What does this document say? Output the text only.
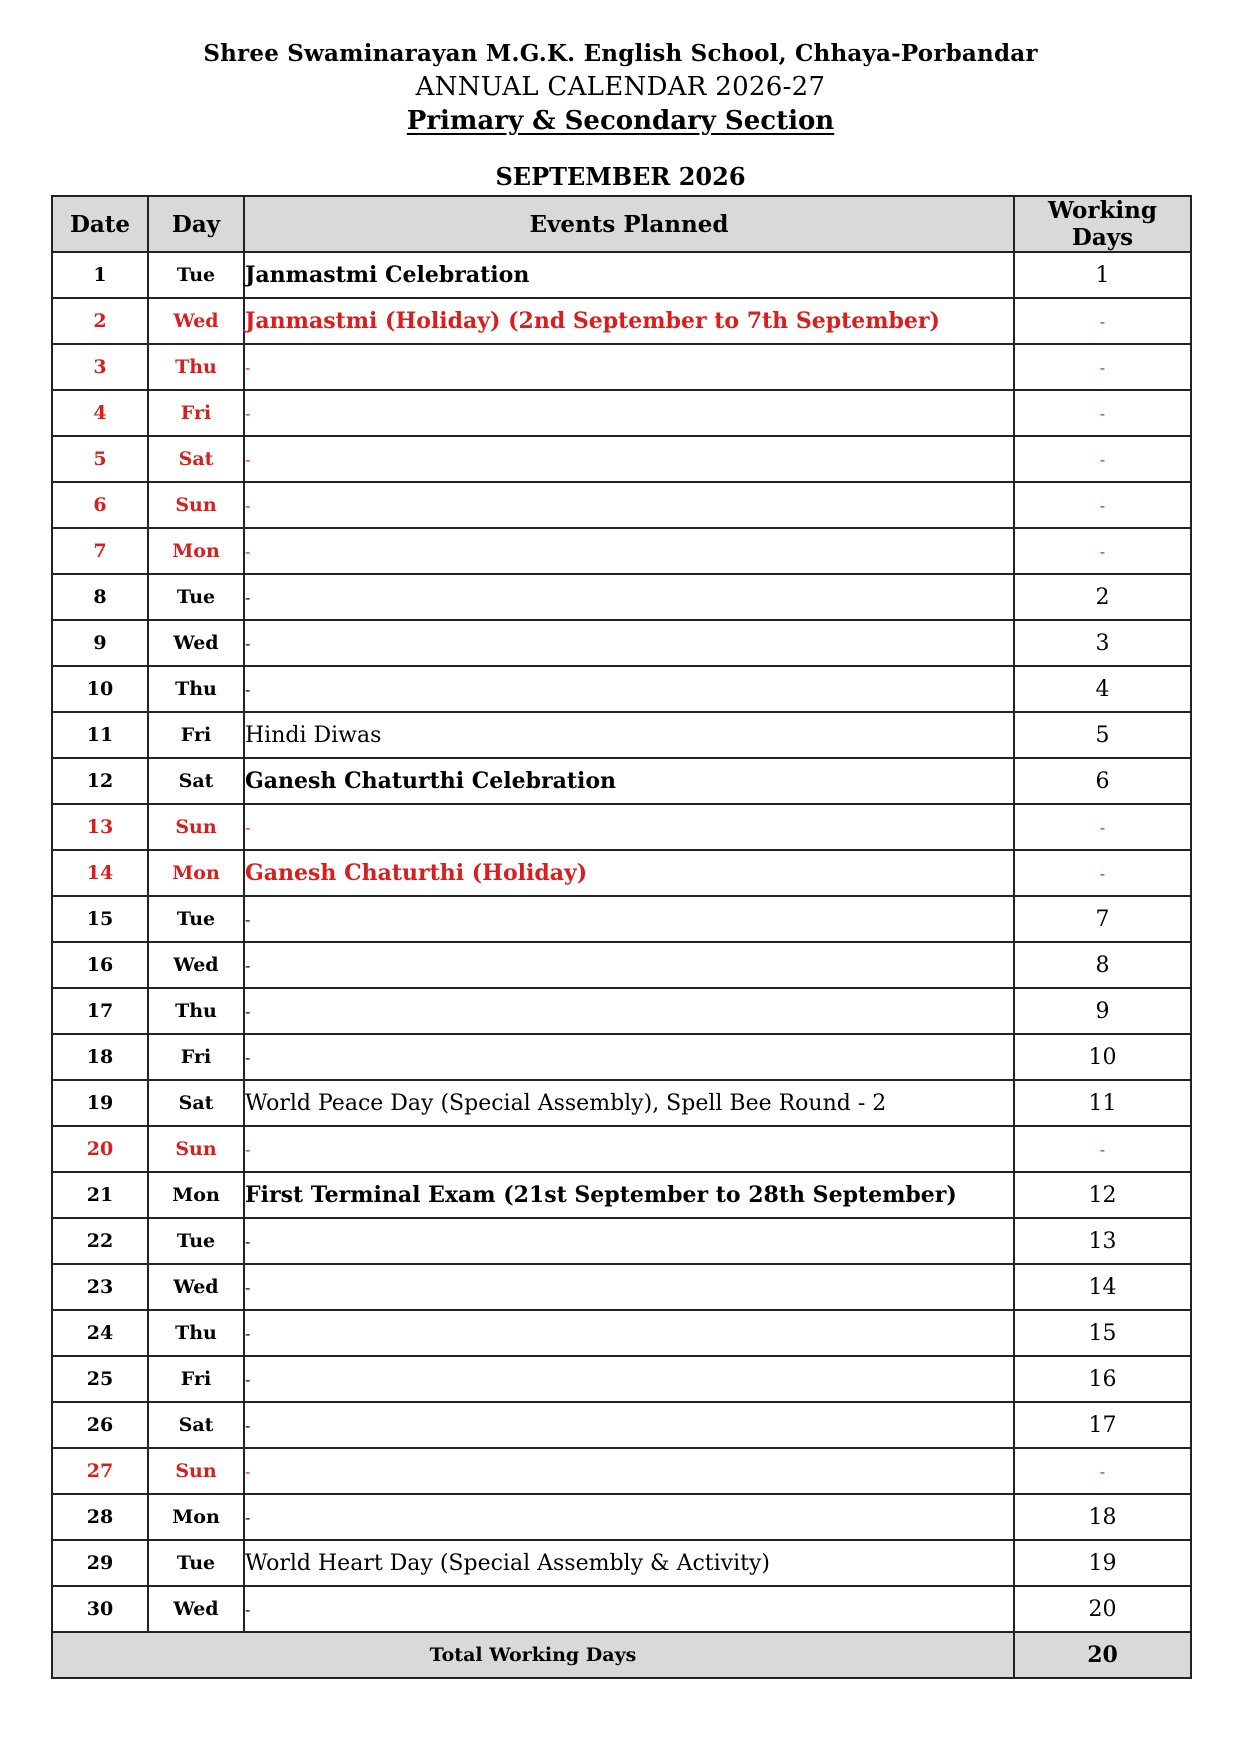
Shree Swaminarayan M.G.K. English School, Chhaya-Porbandar
ANNUAL CALENDAR 2026-27
Primary & Secondary Section
SEPTEMBER 2026
Date	Day	Events Planned	Working Days
1	Tue	Janmastmi Celebration	1
2	Wed	Janmastmi (Holiday) (2nd September to 7th September)	-
3	Thu	-	-
4	Fri	-	-
5	Sat	-	-
6	Sun	-	-
7	Mon	-	-
8	Tue	-	2
9	Wed	-	3
10	Thu	-	4
11	Fri	Hindi Diwas	5
12	Sat	Ganesh Chaturthi Celebration	6
13	Sun	-	-
14	Mon	Ganesh Chaturthi (Holiday)	-
15	Tue	-	7
16	Wed	-	8
17	Thu	-	9
18	Fri	-	10
19	Sat	World Peace Day (Special Assembly), Spell Bee Round - 2	11
20	Sun	-	-
21	Mon	First Terminal Exam (21st September to 28th September)	12
22	Tue	-	13
23	Wed	-	14
24	Thu	-	15
25	Fri	-	16
26	Sat	-	17
27	Sun	-	-
28	Mon	-	18
29	Tue	World Heart Day (Special Assembly & Activity)	19
30	Wed	-	20
Total Working Days			20
